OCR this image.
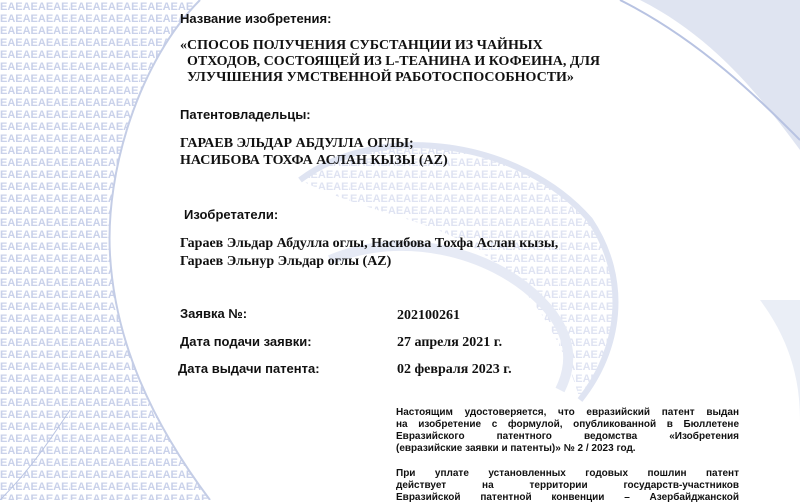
Название изобретения:
«СПОСОБ ПОЛУЧЕНИЯ СУБСТАНЦИИ ИЗ ЧАЙНЫХ
ОТХОДОВ, СОСТОЯЩЕЙ ИЗ L-ТЕАНИНА И КОФЕИНА, ДЛЯ
УЛУЧШЕНИЯ УМСТВЕННОЙ РАБОТОСПОСОБНОСТИ»
Патентовладельцы:
ГАРАЕВ ЭЛЬДАР АБДУЛЛА ОГЛЫ;
НАСИБОВА ТОХФА АСЛАН КЫЗЫ (AZ)
Изобретатели:
Гараев Эльдар Абдулла оглы, Насибова Тохфа Аслан кызы,
Гараев Эльнур Эльдар оглы (AZ)
Заявка №:	202100261
Дата подачи заявки:	27 апреля 2021 г.
Дата выдачи патента:	02 февраля 2023 г.
Настоящим удостоверяется, что евразийский патент выдан
на изобретение с формулой, опубликованной в Бюллетене
Евразийского патентного ведомства «Изобретения
(евразийские заявки и патенты)» № 2 / 2023 год.
При уплате установленных годовых пошлин патент
действует на территории государств-участников
Евразийской патентной конвенции – Азербайджанской
